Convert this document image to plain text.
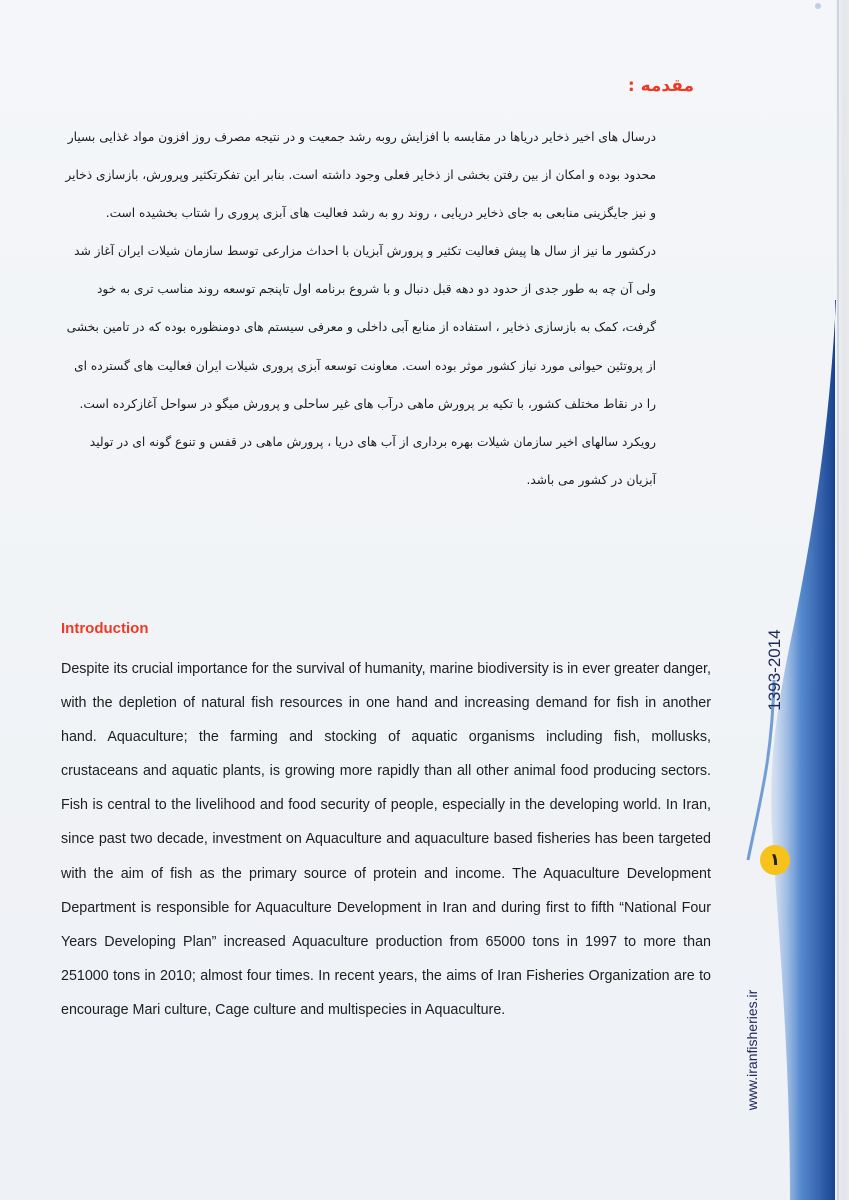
مقدمه :

درسال های اخیر ذخایر دریاها در مقایسه با افزایش روبه رشد جمعیت و در نتیجه مصرف روز افزون مواد غذایی بسیار

محدود بوده و امکان از بین رفتن بخشی از ذخایر فعلی وجود داشته است. بنابر این تفکرتکثیر وپرورش، بازسازی ذخایر

و نیز جایگزینی منابعی به جای ذخایر دریایی ، روند رو به رشد فعالیت های آبزی پروری را شتاب بخشیده است.

درکشور ما نیز از سال ها پیش فعالیت تکثیر و پرورش آبزیان با احداث مزارعی توسط سازمان شیلات ایران آغاز شد

ولی آن چه به طور جدی از حدود دو دهه قبل دنبال و با شروع برنامه اول تاپنجم توسعه روند مناسب تری به خود

گرفت، کمک به بازسازی ذخایر ، استفاده از منابع آبی داخلی و معرفی سیستم های دومنظوره بوده که در تامین بخشی

از پروتئین حیوانی مورد نیاز کشور موثر بوده است. معاونت توسعه آبزی پروری شیلات ایران فعالیت های گسترده ای

را در نقاط مختلف کشور، با تکیه بر پرورش ماهی درآب های غیر ساحلی و پرورش میگو در سواحل آغازکرده است.

رویکرد سالهای اخیر سازمان شیلات بهره برداری از آب های دریا ، پرورش ماهی در قفس و تنوع گونه ای در تولید

آبزیان در کشور می باشد.

Introduction

Despite its crucial importance for the survival of humanity, marine biodiversity is in ever greater danger, with the depletion of natural fish resources in one hand and increasing demand for fish in another hand. Aquaculture; the farming and stocking of aquatic organisms including fish, mollusks, crustaceans and aquatic plants, is growing more rapidly than all other animal food producing sectors. Fish is central to the livelihood and food security of people, especially in the developing world. In Iran, since past two decade, investment on Aquaculture and aquaculture based fisheries has been targeted with the aim of fish as the primary source of protein and income. The Aquaculture Development Department is responsible for Aquaculture Development in Iran and during first to fifth “National Four Years Developing Plan” increased Aquaculture production from 65000 tons in 1997 to more than 251000 tons in 2010; almost four times. In recent years, the aims of Iran Fisheries Organization are to encourage Mari culture, Cage culture and multispecies in Aquaculture.

1393-2014
۱
www.iranfisheries.ir
